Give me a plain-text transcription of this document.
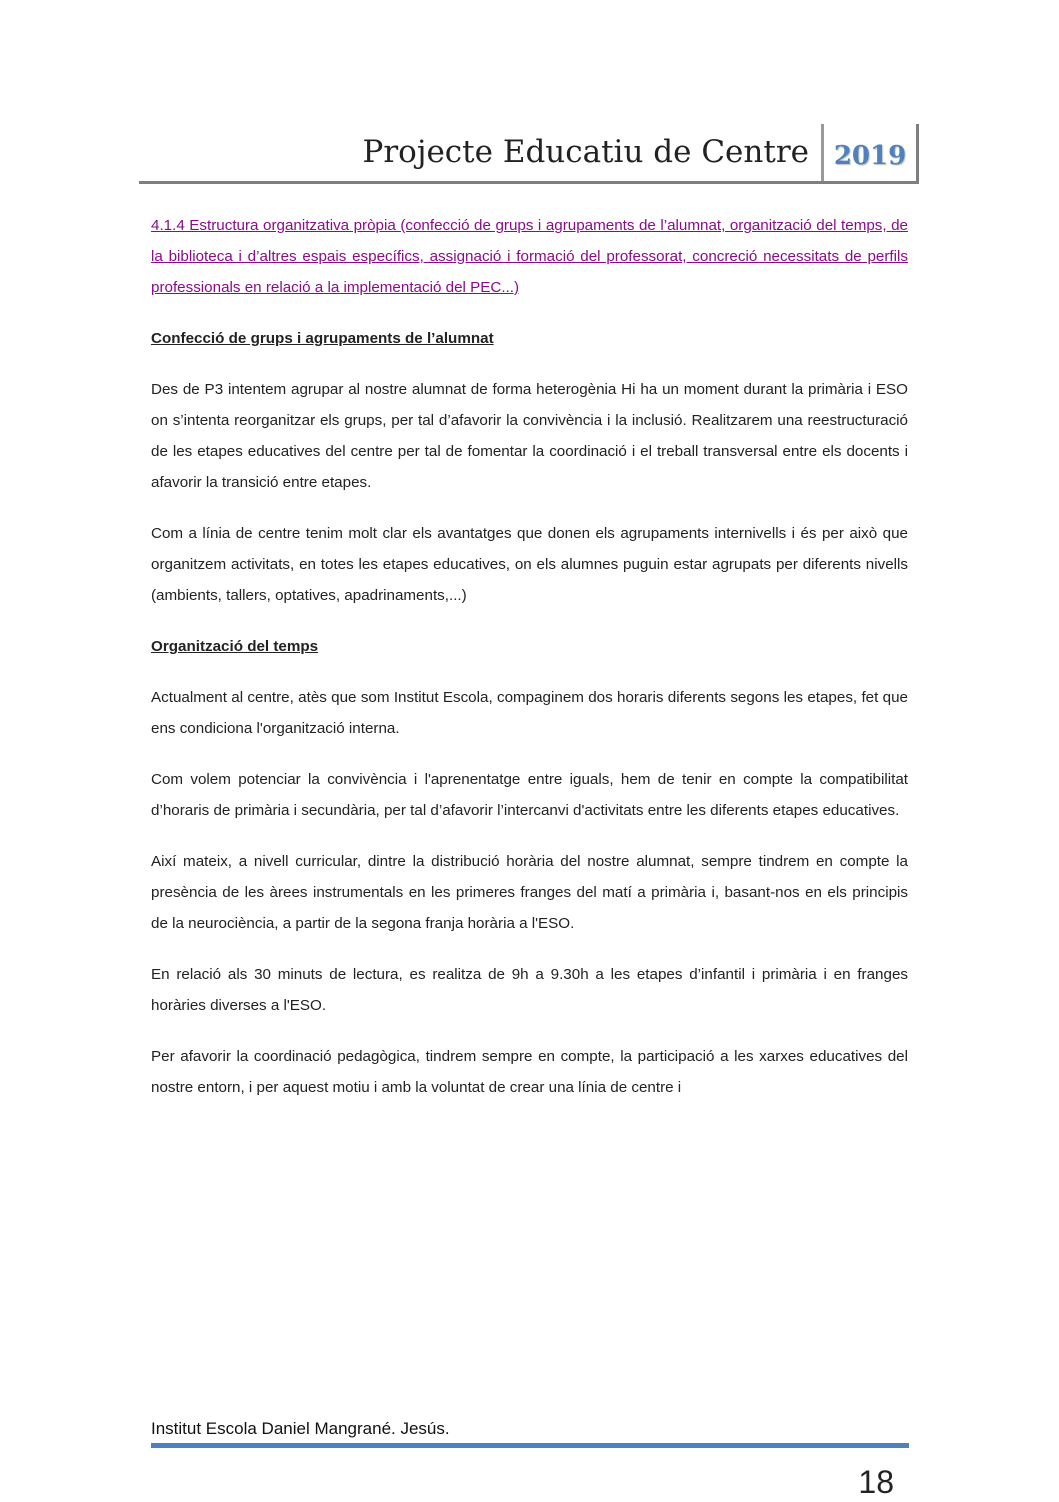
Projecte Educatiu de Centre 2019

4.1.4 Estructura organitzativa pròpia (confecció de grups i agrupaments de l’alumnat, organització del temps, de la biblioteca i d’altres espais específics, assignació i formació del professorat, concreció necessitats de perfils professionals en relació a la implementació del PEC...)

Confecció de grups i agrupaments de l’alumnat

Des de P3 intentem agrupar al nostre alumnat de forma heterogènia Hi ha un moment durant la primària i ESO on s’intenta reorganitzar els grups, per tal d’afavorir la convivència i la inclusió. Realitzarem una reestructuració de les etapes educatives del centre per tal de fomentar la coordinació i el treball transversal entre els docents i afavorir la transició entre etapes.

Com a línia de centre tenim molt clar els avantatges que donen els agrupaments internivells i és per això que organitzem activitats, en totes les etapes educatives, on els alumnes puguin estar agrupats per diferents nivells (ambients, tallers, optatives, apadrinaments,...)

Organització del temps

Actualment al centre, atès que som Institut Escola, compaginem dos horaris diferents segons les etapes, fet que ens condiciona l'organització interna.

Com volem potenciar la convivència i l'aprenentatge entre iguals, hem de tenir en compte la compatibilitat d’horaris de primària i secundària, per tal d’afavorir l’intercanvi d'activitats entre les diferents etapes educatives.

Així mateix, a nivell curricular, dintre la distribució horària del nostre alumnat, sempre tindrem en compte la presència de les àrees instrumentals en les primeres franges del matí a primària i, basant-nos en els principis de la neurociència, a partir de la segona franja horària a l'ESO.

En relació als 30 minuts de lectura, es realitza de 9h a 9.30h a les etapes d’infantil i primària i en franges horàries diverses a l'ESO.

Per afavorir la coordinació pedagògica, tindrem sempre en compte, la participació a les xarxes educatives del nostre entorn, i per aquest motiu i amb la voluntat de crear una línia de centre i

Institut Escola Daniel Mangrané. Jesús.
18
